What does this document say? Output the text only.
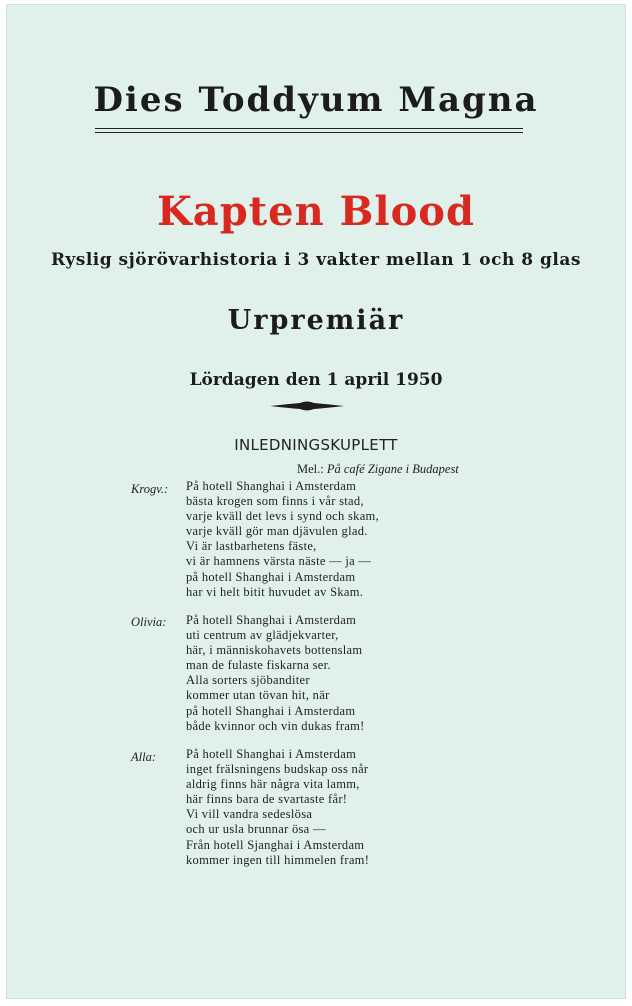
Dies Toddyum Magna
Kapten Blood
Ryslig sjörövarhistoria i 3 vakter mellan 1 och 8 glas
Urpremiär
Lördagen den 1 april 1950
INLEDNINGSKUPLETT
Mel.: På café Zigane i Budapest
Krogv.: På hotell Shanghai i Amsterdam
bästa krogen som finns i vår stad,
varje kväll det levs i synd och skam,
varje kväll gör man djävulen glad.
Vi är lastbarhetens fäste,
vi är hamnens värsta näste — ja —
på hotell Shanghai i Amsterdam
har vi helt bitit huvudet av Skam.
Olivia: På hotell Shanghai i Amsterdam
uti centrum av glädjekvarter,
här, i människohavets bottenslam
man de fulaste fiskarna ser.
Alla sorters sjöbanditer
kommer utan tövan hit, när
på hotell Shanghai i Amsterdam
både kvinnor och vin dukas fram!
Alla: På hotell Shanghai i Amsterdam
inget frälsningens budskap oss når
aldrig finns här några vita lamm,
här finns bara de svartaste får!
Vi vill vandra sedeslösa
och ur usla brunnar ösa —
Från hotell Sjanghai i Amsterdam
kommer ingen till himmelen fram!
